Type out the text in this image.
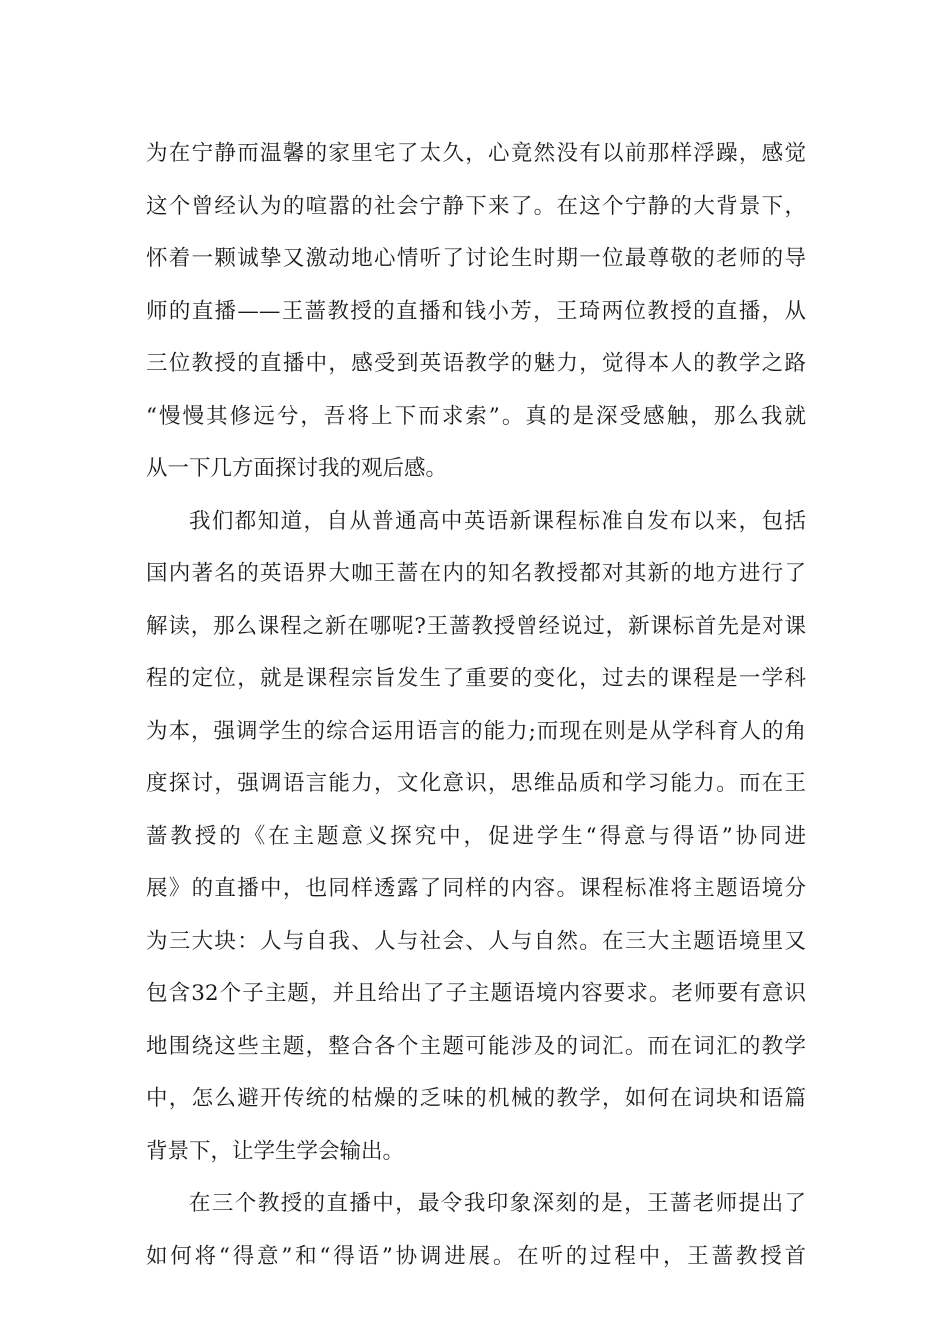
为在宁静而温馨的家里宅了太久，心竟然没有以前那样浮躁，感觉
这个曾经认为的喧嚣的社会宁静下来了。在这个宁静的大背景下，
怀着一颗诚挚又激动地心情听了讨论生时期一位最尊敬的老师的导
师的直播——王蔷教授的直播和钱小芳，王琦两位教授的直播，从
三位教授的直播中，感受到英语教学的魅力，觉得本人的教学之路
“慢慢其修远兮，吾将上下而求索”。真的是深受感触，那么我就
从一下几方面探讨我的观后感。
我们都知道，自从普通高中英语新课程标准自发布以来，包括
国内著名的英语界大咖王蔷在内的知名教授都对其新的地方进行了
解读，那么课程之新在哪呢?王蔷教授曾经说过，新课标首先是对课
程的定位，就是课程宗旨发生了重要的变化，过去的课程是一学科
为本，强调学生的综合运用语言的能力;而现在则是从学科育人的角
度探讨，强调语言能力，文化意识，思维品质和学习能力。而在王
蔷教授的《在主题意义探究中，促进学生“得意与得语”协同进
展》的直播中，也同样透露了同样的内容。课程标准将主题语境分
为三大块：人与自我、人与社会、人与自然。在三大主题语境里又
包含32个子主题，并且给出了子主题语境内容要求。老师要有意识
地围绕这些主题，整合各个主题可能涉及的词汇。而在词汇的教学
中，怎么避开传统的枯燥的乏味的机械的教学，如何在词块和语篇
背景下，让学生学会输出。
在三个教授的直播中，最令我印象深刻的是，王蔷老师提出了
如何将“得意”和“得语”协调进展。在听的过程中，王蔷教授首
